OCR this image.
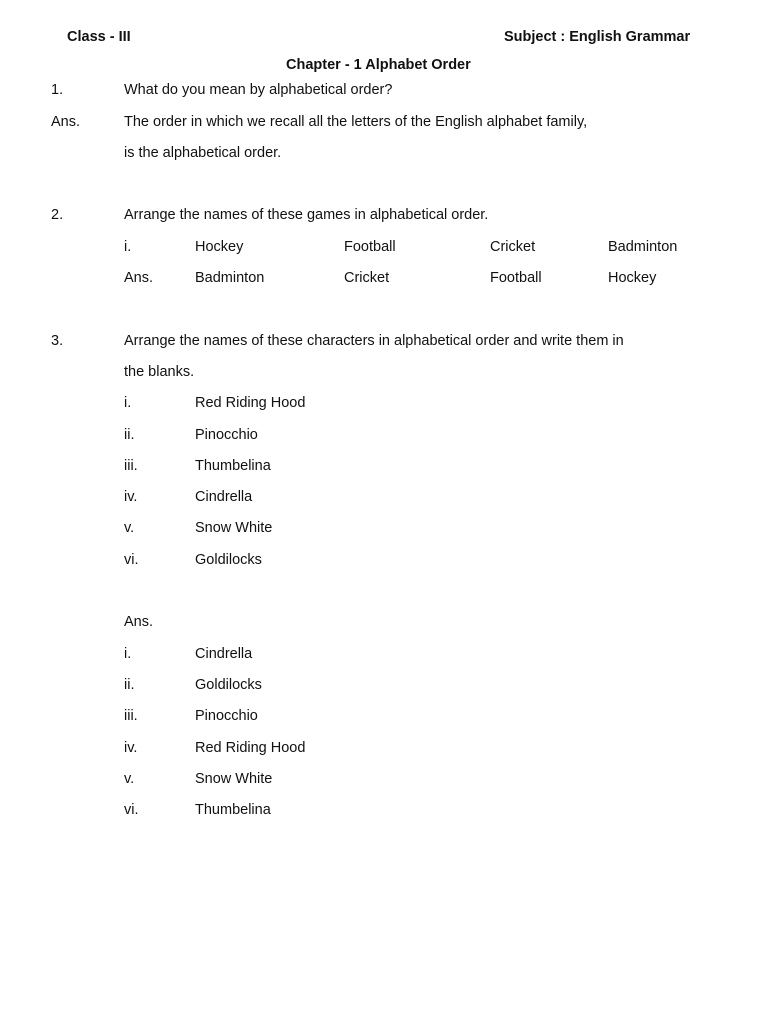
Class - III	Subject : English Grammar
Chapter - 1 Alphabet Order
1.	What do you mean by alphabetical order?
Ans.	The order in which we recall all the letters of the English alphabet family,
is the alphabetical order.
2.	Arrange the names of these games in alphabetical order.
i.	Hockey	Football	Cricket	Badminton
Ans.	Badminton	Cricket	Football	Hockey
3.	Arrange the names of these characters in alphabetical order and write them in
the blanks.
i.	Red Riding Hood
ii.	Pinocchio
iii.	Thumbelina
iv.	Cindrella
v.	Snow White
vi.	Goldilocks
Ans.
i.	Cindrella
ii.	Goldilocks
iii.	Pinocchio
iv.	Red Riding Hood
v.	Snow White
vi.	Thumbelina
